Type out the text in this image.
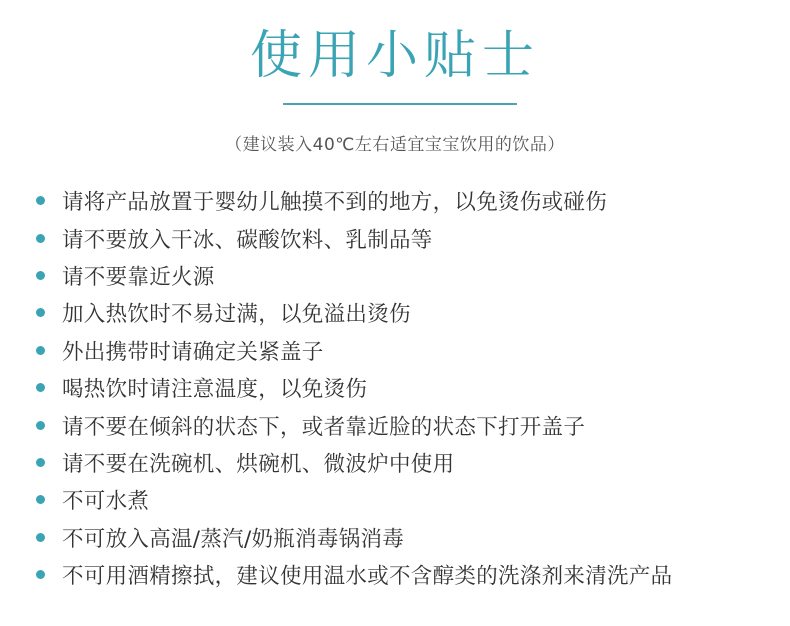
使用小贴士
（建议装入40℃左右适宜宝宝饮用的饮品）
请将产品放置于婴幼儿触摸不到的地方，以免烫伤或碰伤
请不要放入干冰、碳酸饮料、乳制品等
请不要靠近火源
加入热饮时不易过满，以免溢出烫伤
外出携带时请确定关紧盖子
喝热饮时请注意温度，以免烫伤
请不要在倾斜的状态下，或者靠近脸的状态下打开盖子
请不要在洗碗机、烘碗机、微波炉中使用
不可水煮
不可放入高温/蒸汽/奶瓶消毒锅消毒
不可用酒精擦拭，建议使用温水或不含醇类的洗涤剂来清洗产品
